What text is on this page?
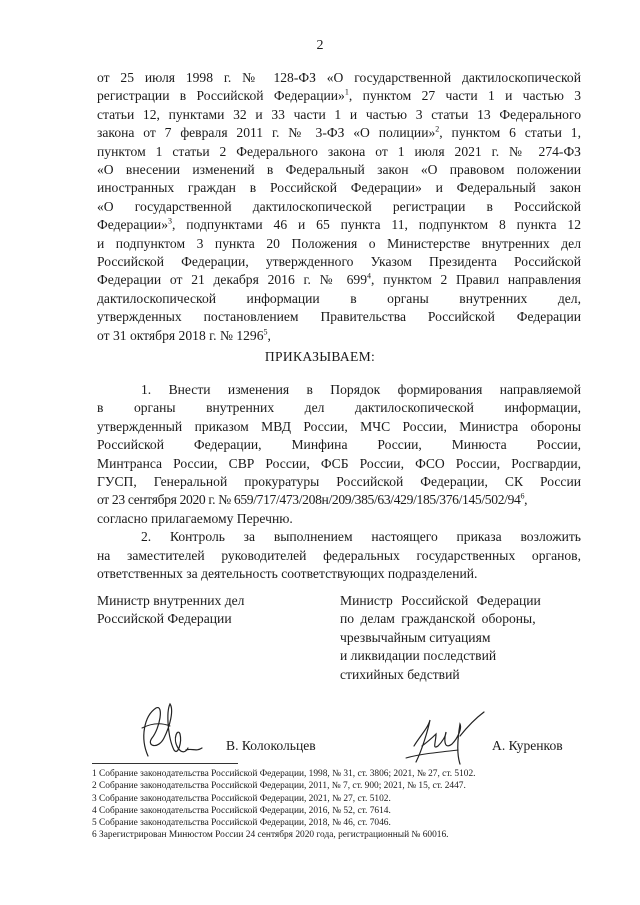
2

от 25 июля 1998 г. № 128-ФЗ «О государственной дактилоскопической

регистрации в Российской Федерации»$^1$, пунктом 27 части 1 и частью 3

статьи 12, пунктами 32 и 33 части 1 и частью 3 статьи 13 Федерального

закона от 7 февраля 2011 г. № 3-ФЗ «О полиции»$^2$, пунктом 6 статьи 1,

пунктом 1 статьи 2 Федерального закона от 1 июля 2021 г. № 274-ФЗ

«О внесении изменений в Федеральный закон «О правовом положении

иностранных граждан в Российской Федерации» и Федеральный закон

«О государственной дактилоскопической регистрации в Российской

Федерации»$^3$, подпунктами 46 и 65 пункта 11, подпунктом 8 пункта 12

и подпунктом 3 пункта 20 Положения о Министерстве внутренних дел

Российской Федерации, утвержденного Указом Президента Российской

Федерации от 21 декабря 2016 г. № $699^4$, пунктом 2 Правил направления

дактилоскопической информации в органы внутренних дел,

утвержденных постановлением Правительства Российской Федерации

от 31 октября 2018 г. № 1296$^5$,

ПРИКАЗЫВАЕМ:

1. Внести изменения в Порядок формирования направляемой

в органы внутренних дел дактилоскопической информации,

утвержденный приказом МВД России, МЧС России, Министра обороны

Российской Федерации, Минфина России, Минюста России,

Минтранса России, СВР России, ФСБ России, ФСО России, Росгвардии,

ГУСП, Генеральной прокуратуры Российской Федерации, СК России

от 23 сентября 2020 г. № $659/717/473/208н/209/385/63/429/185/376/145/502/94^6$,

согласно прилагаемому Перечню.

2. Контроль за выполнением настоящего приказа возложить

на заместителей руководителей федеральных государственных органов,

ответственных за деятельность соответствующих подразделений.

Министр внутренних дел
Российской Федерации
Министр Российской Федерации
по делам гражданской обороны,
чрезвычайным ситуациям
и ликвидации последствий
стихийных бедствий
В. Колокольцев	А. Куренков
1 Собрание законодательства Российской Федерации, 1998, № 31, ст. 3806; 2021, № 27, ст. 5102.
2 Собрание законодательства Российской Федерации, 2011, № 7, ст. 900; 2021, № 15, ст. 2447.
3 Собрание законодательства Российской Федерации, 2021, № 27, ст. 5102.
4 Собрание законодательства Российской Федерации, 2016, № 52, ст. 7614.
5 Собрание законодательства Российской Федерации, 2018, № 46, ст. 7046.
6 Зарегистрирован Минюстом России 24 сентября 2020 года, регистрационный № 60016.
